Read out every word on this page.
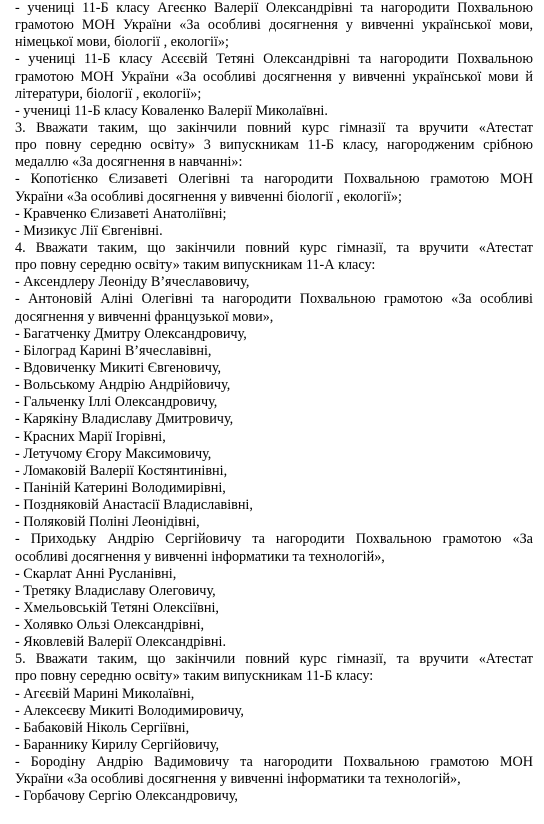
- учениці 11-Б класу Агеєнко Валерії Олександрівні та нагородити Похвальною
грамотою МОН України «За особливі досягнення у вивченні української мови,
німецької мови, біології , екології»;
- учениці 11-Б класу Асєєвій Тетяні Олександрівні та нагородити Похвальною
грамотою МОН України «За особливі досягнення у вивченні української мови й
літератури, біології , екології»;
- учениці 11-Б класу Коваленко Валерії Миколаївні.
3. Вважати таким, що закінчили повний курс гімназії та вручити «Атестат
про повну середню освіту» 3 випускникам 11-Б класу, нагородженим срібною
медаллю «За досягнення в навчанні»:
- Копотієнко Єлизаветі Олегівні та нагородити Похвальною грамотою МОН
України «За особливі досягнення у вивченні біології , екології»;
- Кравченко Єлизаветі Анатоліївні;
- Мизикус Лії Євгенівні.
4. Вважати таким, що закінчили повний курс гімназії, та вручити «Атестат
про повну середню освіту» таким випускникам 11-А класу:
- Аксендлеру Леоніду В’ячеславовичу,
- Антоновій Аліні Олегівні та нагородити Похвальною грамотою «За особливі
досягнення у вивченні французької мови»,
- Багатченку Дмитру Олександровичу,
- Білоград Карині В’ячеславівні,
- Вдовиченку Микиті Євгеновичу,
- Вольському Андрію Андрійовичу,
- Гальченку Іллі Олександровичу,
- Карякіну Владиславу Дмитровичу,
- Красних Марії Ігорівні,
- Летучому Єгору Максимовичу,
- Ломаковій Валерії Костянтинівні,
- Паніній Катерині Володимирівні,
- Поздняковій Анастасії Владиславівні,
- Поляковій Поліні Леонідівні,
- Приходьку Андрію Сергійовичу та нагородити Похвальною грамотою «За
особливі досягнення у вивченні інформатики та технологій»,
- Скарлат Анні Русланівні,
- Третяку Владиславу Олеговичу,
- Хмельовській Тетяні Олексіївні,
- Холявко Ользі Олександрівні,
- Яковлевій Валерії Олександрівні.
5. Вважати таким, що закінчили повний курс гімназії, та вручити «Атестат
про повну середню освіту» таким випускникам 11-Б класу:
- Агєєвій Марині Миколаївні,
- Алексеєву Микиті Володимировичу,
- Бабаковій Ніколь Сергіївні,
- Баранникy Кирилу Сергійовичу,
- Бородіну Андрію Вадимовичу та нагородити Похвальною грамотою МОН
України «За особливі досягнення у вивченні інформатики та технологій»,
- Горбачову Сергію Олександровичу,
